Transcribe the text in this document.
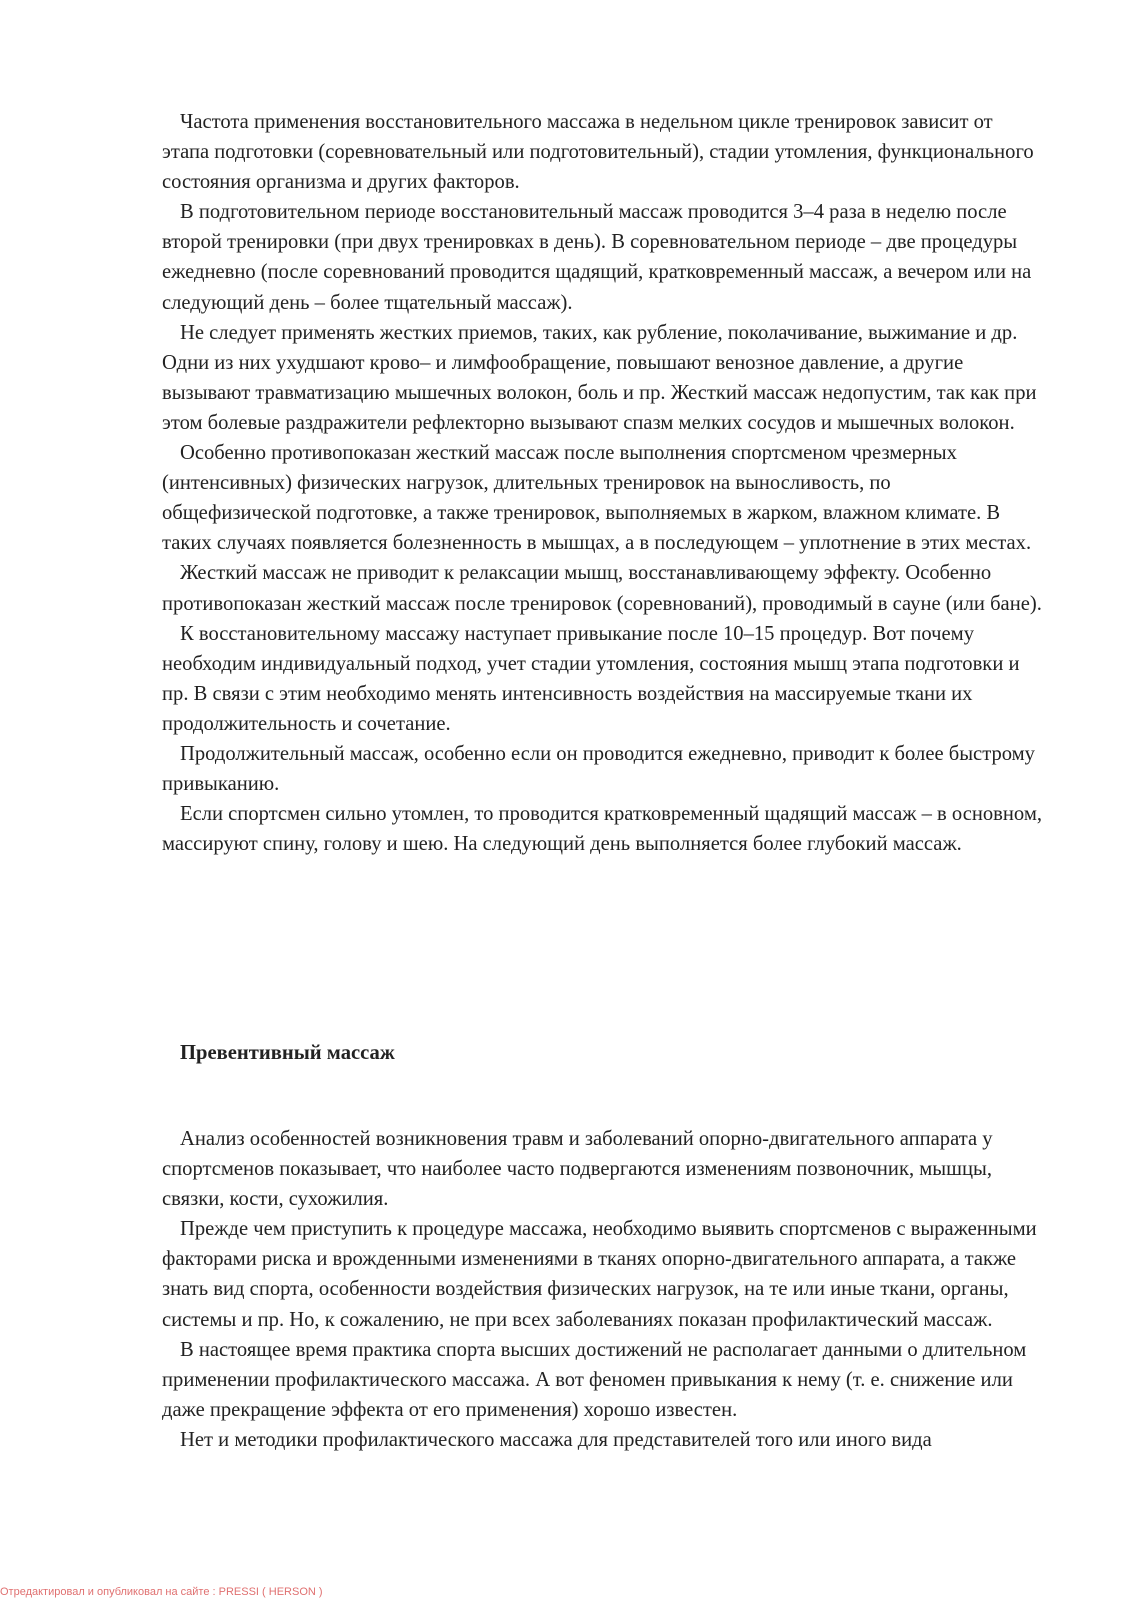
Частота применения восстановительного массажа в недельном цикле тренировок зависит от этапа подготовки (соревновательный или подготовительный), стадии утомления, функционального состояния организма и других факторов.

В подготовительном периоде восстановительный массаж проводится 3–4 раза в неделю после второй тренировки (при двух тренировках в день). В соревновательном периоде – две процедуры ежедневно (после соревнований проводится щадящий, кратковременный массаж, а вечером или на следующий день – более тщательный массаж).

Не следует применять жестких приемов, таких, как рубление, поколачивание, выжимание и др. Одни из них ухудшают крово– и лимфообращение, повышают венозное давление, а другие вызывают травматизацию мышечных волокон, боль и пр. Жесткий массаж недопустим, так как при этом болевые раздражители рефлекторно вызывают спазм мелких сосудов и мышечных волокон.

Особенно противопоказан жесткий массаж после выполнения спортсменом чрезмерных (интенсивных) физических нагрузок, длительных тренировок на выносливость, по общефизической подготовке, а также тренировок, выполняемых в жарком, влажном климате. В таких случаях появляется болезненность в мышцах, а в последующем – уплотнение в этих местах.

Жесткий массаж не приводит к релаксации мышц, восстанавливающему эффекту. Особенно противопоказан жесткий массаж после тренировок (соревнований), проводимый в сауне (или бане).

К восстановительному массажу наступает привыкание после 10–15 процедур. Вот почему необходим индивидуальный подход, учет стадии утомления, состояния мышц этапа подготовки и пр. В связи с этим необходимо менять интенсивность воздействия на массируемые ткани их продолжительность и сочетание.

Продолжительный массаж, особенно если он проводится ежедневно, приводит к более быстрому привыканию.

Если спортсмен сильно утомлен, то проводится кратковременный щадящий массаж – в основном, массируют спину, голову и шею. На следующий день выполняется более глубокий массаж.

Превентивный массаж

Анализ особенностей возникновения травм и заболеваний опорно-двигательного аппарата у спортсменов показывает, что наиболее часто подвергаются изменениям позвоночник, мышцы, связки, кости, сухожилия.

Прежде чем приступить к процедуре массажа, необходимо выявить спортсменов с выраженными факторами риска и врожденными изменениями в тканях опорно-двигательного аппарата, а также знать вид спорта, особенности воздействия физических нагрузок, на те или иные ткани, органы, системы и пр. Но, к сожалению, не при всех заболеваниях показан профилактический массаж.

В настоящее время практика спорта высших достижений не располагает данными о длительном применении профилактического массажа. А вот феномен привыкания к нему (т. е. снижение или даже прекращение эффекта от его применения) хорошо известен.

Нет и методики профилактического массажа для представителей того или иного вида

Отредактировал и опубликовал на сайте : PRESSI ( HERSON )
